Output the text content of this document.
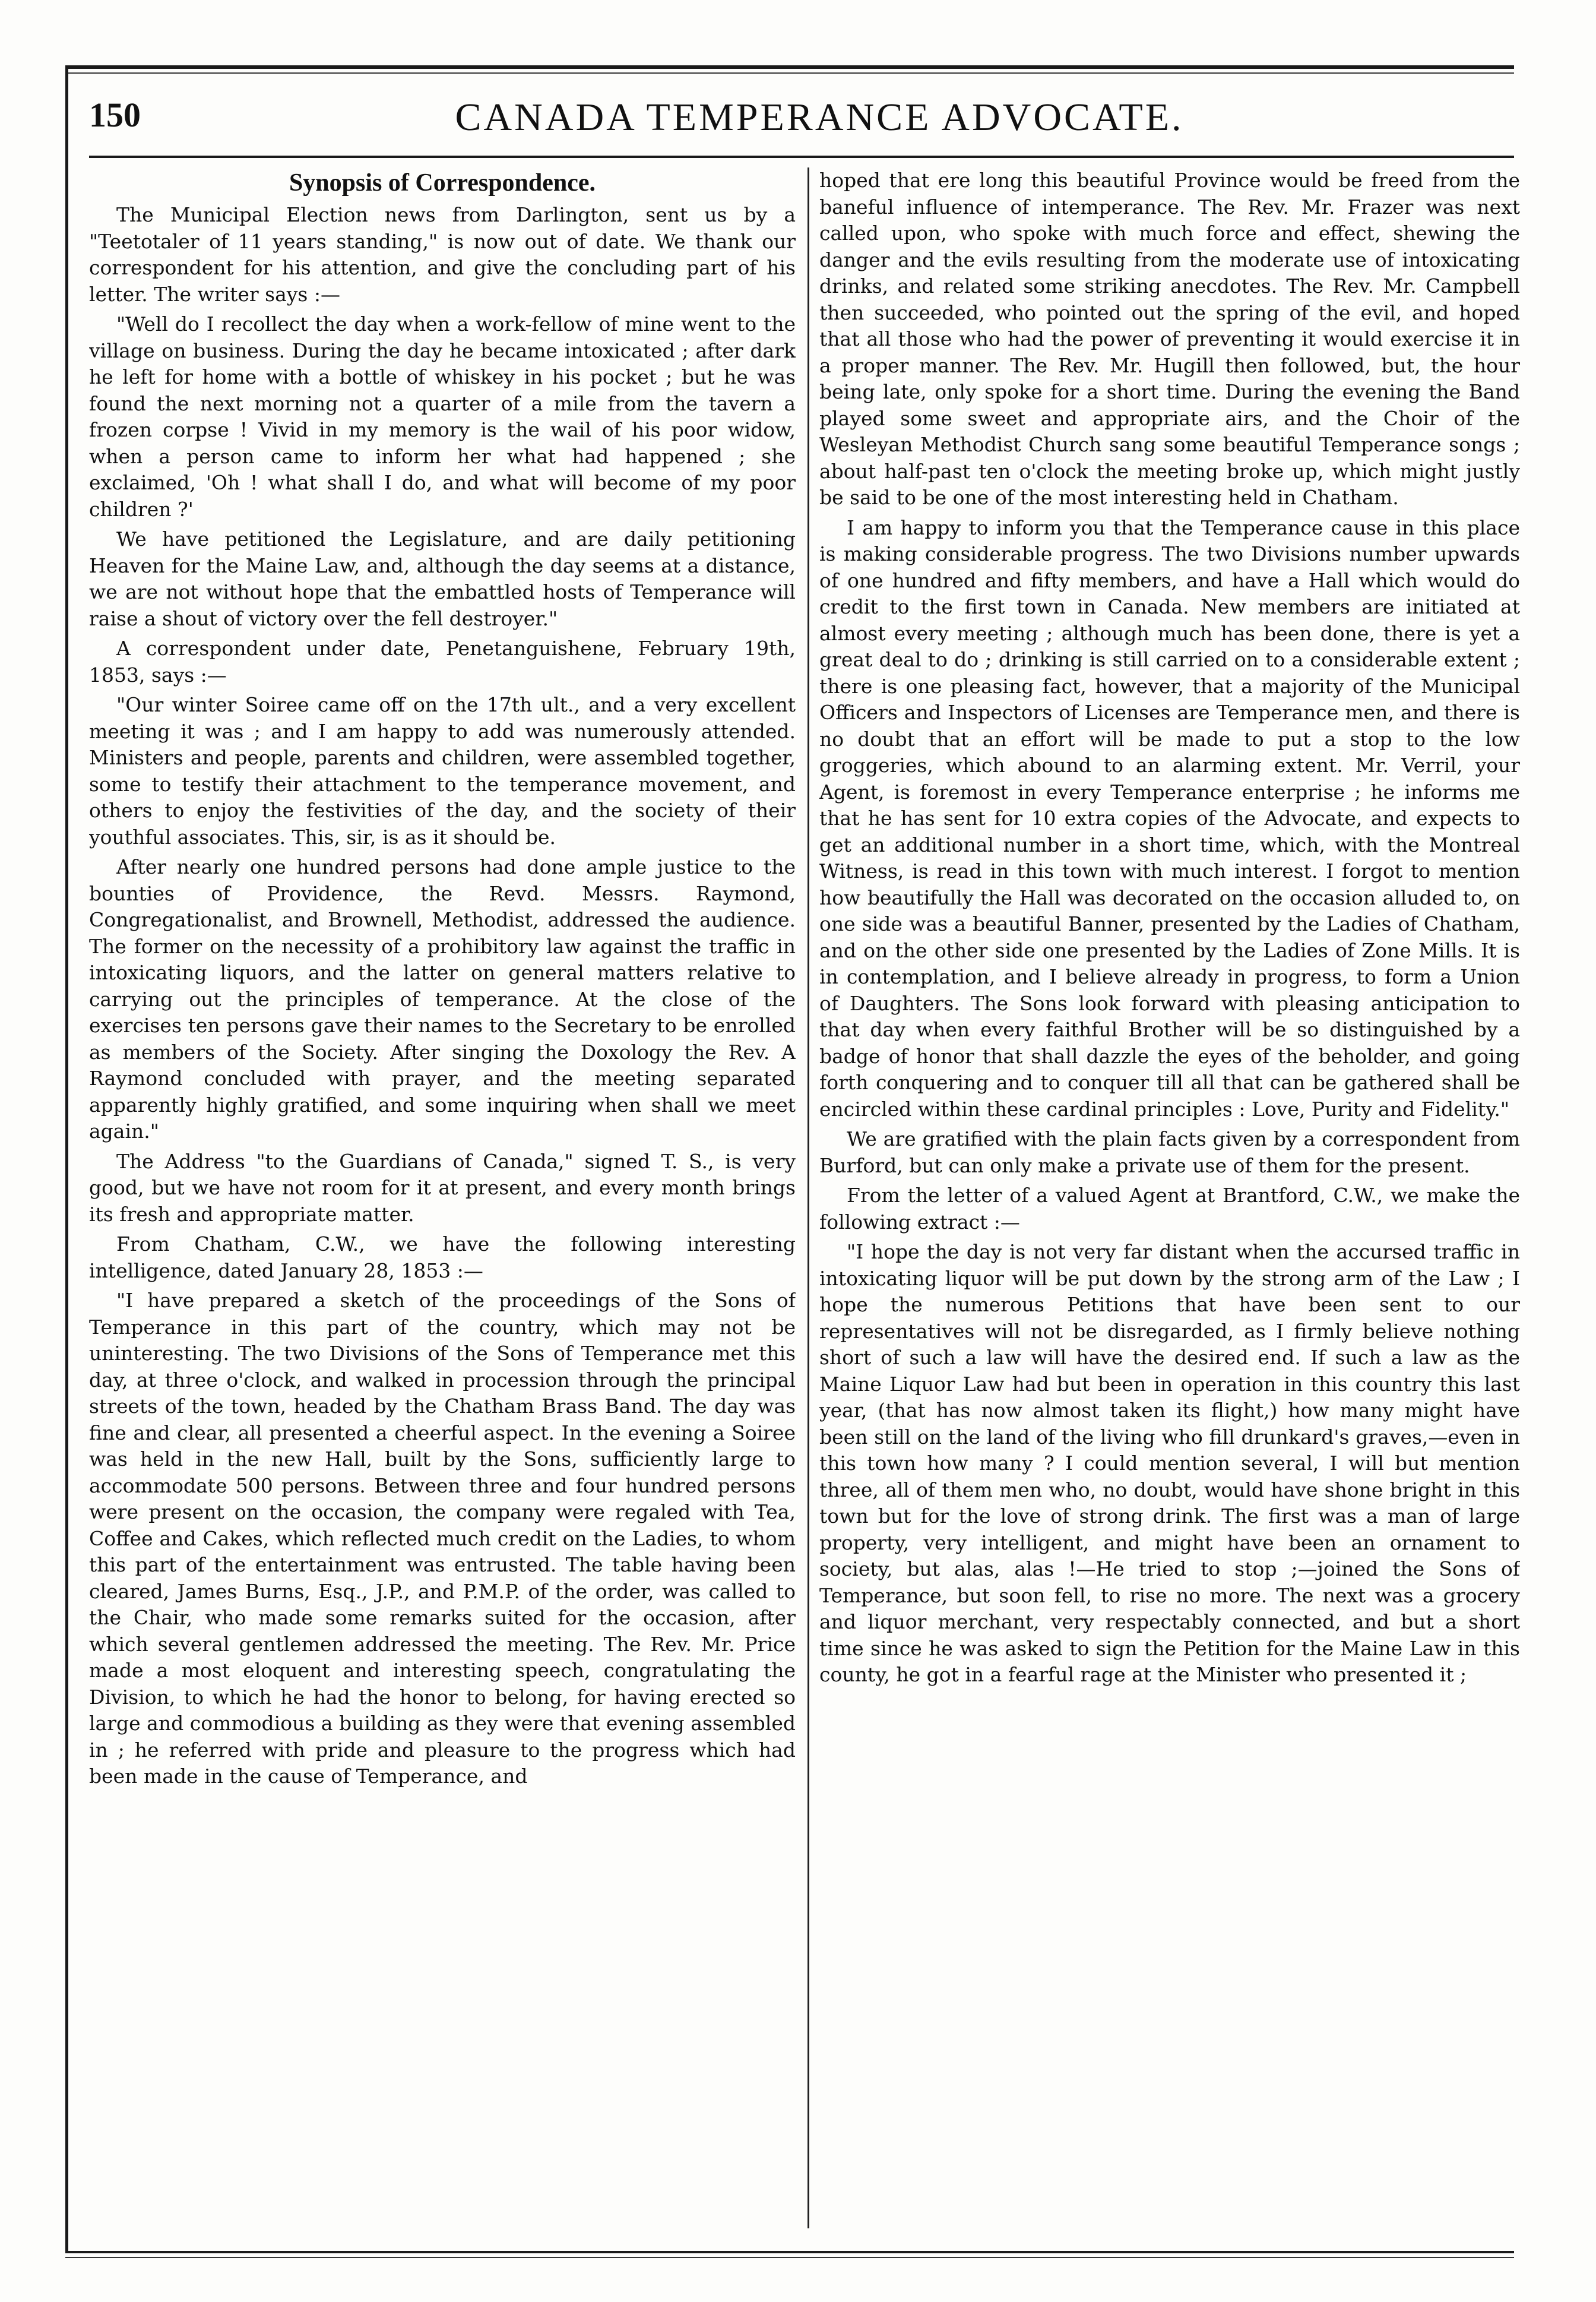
150	CANADA TEMPERANCE ADVOCATE.
Synopsis of Correspondence.

The Municipal Election news from Darlington, sent us by a "Teetotaler of 11 years standing," is now out of date. We thank our correspondent for his attention, and give the concluding part of his letter. The writer says :—

"Well do I recollect the day when a work-fellow of mine went to the village on business. During the day he became intoxicated ; after dark he left for home with a bottle of whiskey in his pocket ; but he was found the next morning not a quarter of a mile from the tavern a frozen corpse ! Vivid in my memory is the wail of his poor widow, when a person came to inform her what had happened ; she exclaimed, 'Oh ! what shall I do, and what will become of my poor children ?'

We have petitioned the Legislature, and are daily petitioning Heaven for the Maine Law, and, although the day seems at a distance, we are not without hope that the embattled hosts of Temperance will raise a shout of victory over the fell destroyer."

A correspondent under date, Penetanguishene, February 19th, 1853, says :—

"Our winter Soiree came off on the 17th ult., and a very excellent meeting it was ; and I am happy to add was numerously attended. Ministers and people, parents and children, were assembled together, some to testify their attachment to the temperance movement, and others to enjoy the festivities of the day, and the society of their youthful associates. This, sir, is as it should be.

After nearly one hundred persons had done ample justice to the bounties of Providence, the Revd. Messrs. Raymond, Congregationalist, and Brownell, Methodist, addressed the audience. The former on the necessity of a prohibitory law against the traffic in intoxicating liquors, and the latter on general matters relative to carrying out the principles of temperance. At the close of the exercises ten persons gave their names to the Secretary to be enrolled as members of the Society. After singing the Doxology the Rev. A Raymond concluded with prayer, and the meeting separated apparently highly gratified, and some inquiring when shall we meet again."

The Address "to the Guardians of Canada," signed T. S., is very good, but we have not room for it at present, and every month brings its fresh and appropriate matter.

From Chatham, C.W., we have the following interesting intelligence, dated January 28, 1853 :—

"I have prepared a sketch of the proceedings of the Sons of Temperance in this part of the country, which may not be uninteresting. The two Divisions of the Sons of Temperance met this day, at three o'clock, and walked in procession through the principal streets of the town, headed by the Chatham Brass Band. The day was fine and clear, all presented a cheerful aspect. In the evening a Soiree was held in the new Hall, built by the Sons, sufficiently large to accommodate 500 persons. Between three and four hundred persons were present on the occasion, the company were regaled with Tea, Coffee and Cakes, which reflected much credit on the Ladies, to whom this part of the entertainment was entrusted. The table having been cleared, James Burns, Esq., J.P., and P.M.P. of the order, was called to the Chair, who made some remarks suited for the occasion, after which several gentlemen addressed the meeting. The Rev. Mr. Price made a most eloquent and interesting speech, congratulating the Division, to which he had the honor to belong, for having erected so large and commodious a building as they were that evening assembled in ; he referred with pride and pleasure to the progress which had been made in the cause of Temperance, and

hoped that ere long this beautiful Province would be freed from the baneful influence of intemperance. The Rev. Mr. Frazer was next called upon, who spoke with much force and effect, shewing the danger and the evils resulting from the moderate use of intoxicating drinks, and related some striking anecdotes. The Rev. Mr. Campbell then succeeded, who pointed out the spring of the evil, and hoped that all those who had the power of preventing it would exercise it in a proper manner. The Rev. Mr. Hugill then followed, but, the hour being late, only spoke for a short time. During the evening the Band played some sweet and appropriate airs, and the Choir of the Wesleyan Methodist Church sang some beautiful Temperance songs ; about half-past ten o'clock the meeting broke up, which might justly be said to be one of the most interesting held in Chatham.

I am happy to inform you that the Temperance cause in this place is making considerable progress. The two Divisions number upwards of one hundred and fifty members, and have a Hall which would do credit to the first town in Canada. New members are initiated at almost every meeting ; although much has been done, there is yet a great deal to do ; drinking is still carried on to a considerable extent ; there is one pleasing fact, however, that a majority of the Municipal Officers and Inspectors of Licenses are Temperance men, and there is no doubt that an effort will be made to put a stop to the low groggeries, which abound to an alarming extent. Mr. Verril, your Agent, is foremost in every Temperance enterprise ; he informs me that he has sent for 10 extra copies of the Advocate, and expects to get an additional number in a short time, which, with the Montreal Witness, is read in this town with much interest. I forgot to mention how beautifully the Hall was decorated on the occasion alluded to, on one side was a beautiful Banner, presented by the Ladies of Chatham, and on the other side one presented by the Ladies of Zone Mills. It is in contemplation, and I believe already in progress, to form a Union of Daughters. The Sons look forward with pleasing anticipation to that day when every faithful Brother will be so distinguished by a badge of honor that shall dazzle the eyes of the beholder, and going forth conquering and to conquer till all that can be gathered shall be encircled within these cardinal principles : Love, Purity and Fidelity."

We are gratified with the plain facts given by a correspondent from Burford, but can only make a private use of them for the present.

From the letter of a valued Agent at Brantford, C.W., we make the following extract :—

"I hope the day is not very far distant when the accursed traffic in intoxicating liquor will be put down by the strong arm of the Law ; I hope the numerous Petitions that have been sent to our representatives will not be disregarded, as I firmly believe nothing short of such a law will have the desired end. If such a law as the Maine Liquor Law had but been in operation in this country this last year, (that has now almost taken its flight,) how many might have been still on the land of the living who fill drunkard's graves,—even in this town how many ? I could mention several, I will but mention three, all of them men who, no doubt, would have shone bright in this town but for the love of strong drink. The first was a man of large property, very intelligent, and might have been an ornament to society, but alas, alas !—He tried to stop ;—joined the Sons of Temperance, but soon fell, to rise no more. The next was a grocery and liquor merchant, very respectably connected, and but a short time since he was asked to sign the Petition for the Maine Law in this county, he got in a fearful rage at the Minister who presented it ;
